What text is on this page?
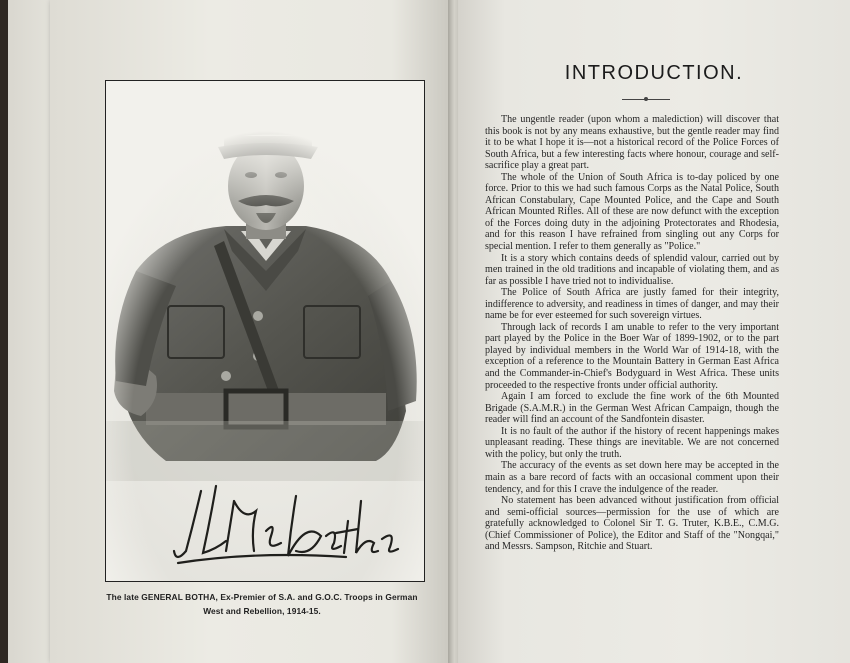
The late GENERAL BOTHA, Ex-Premier of S.A. and G.O.C. Troops in German
West and Rebellion, 1914-15.
INTRODUCTION.

The ungentle reader (upon whom a malediction) will discover that this book is not by any means exhaustive, but the gentle reader may find it to be what I hope it is—not a historical record of the Police Forces of South Africa, but a few interesting facts where honour, courage and self-sacrifice play a great part.

The whole of the Union of South Africa is to-day policed by one force. Prior to this we had such famous Corps as the Natal Police, South African Constabulary, Cape Mounted Police, and the Cape and South African Mounted Rifles. All of these are now defunct with the exception of the Forces doing duty in the adjoining Protectorates and Rhodesia, and for this reason I have refrained from singling out any Corps for special mention. I refer to them generally as "Police."

It is a story which contains deeds of splendid valour, carried out by men trained in the old traditions and incapable of violating them, and as far as possible I have tried not to individualise.

The Police of South Africa are justly famed for their integrity, indifference to adversity, and readiness in times of danger, and may their name be for ever esteemed for such sovereign virtues.

Through lack of records I am unable to refer to the very important part played by the Police in the Boer War of 1899-1902, or to the part played by individual members in the World War of 1914-18, with the exception of a reference to the Mountain Battery in German East Africa and the Commander-in-Chief's Bodyguard in West Africa. These units proceeded to the respective fronts under official authority.

Again I am forced to exclude the fine work of the 6th Mounted Brigade (S.A.M.R.) in the German West African Campaign, though the reader will find an account of the Sandfontein disaster.

It is no fault of the author if the history of recent happenings makes unpleasant reading. These things are inevitable. We are not concerned with the policy, but only the truth.

The accuracy of the events as set down here may be accepted in the main as a bare record of facts with an occasional comment upon their tendency, and for this I crave the indulgence of the reader.

No statement has been advanced without justification from official and semi-official sources—permission for the use of which are gratefully acknowledged to Colonel Sir T. G. Truter, K.B.E., C.M.G. (Chief Commissioner of Police), the Editor and Staff of the "Nongqai," and Messrs. Sampson, Ritchie and Stuart.
